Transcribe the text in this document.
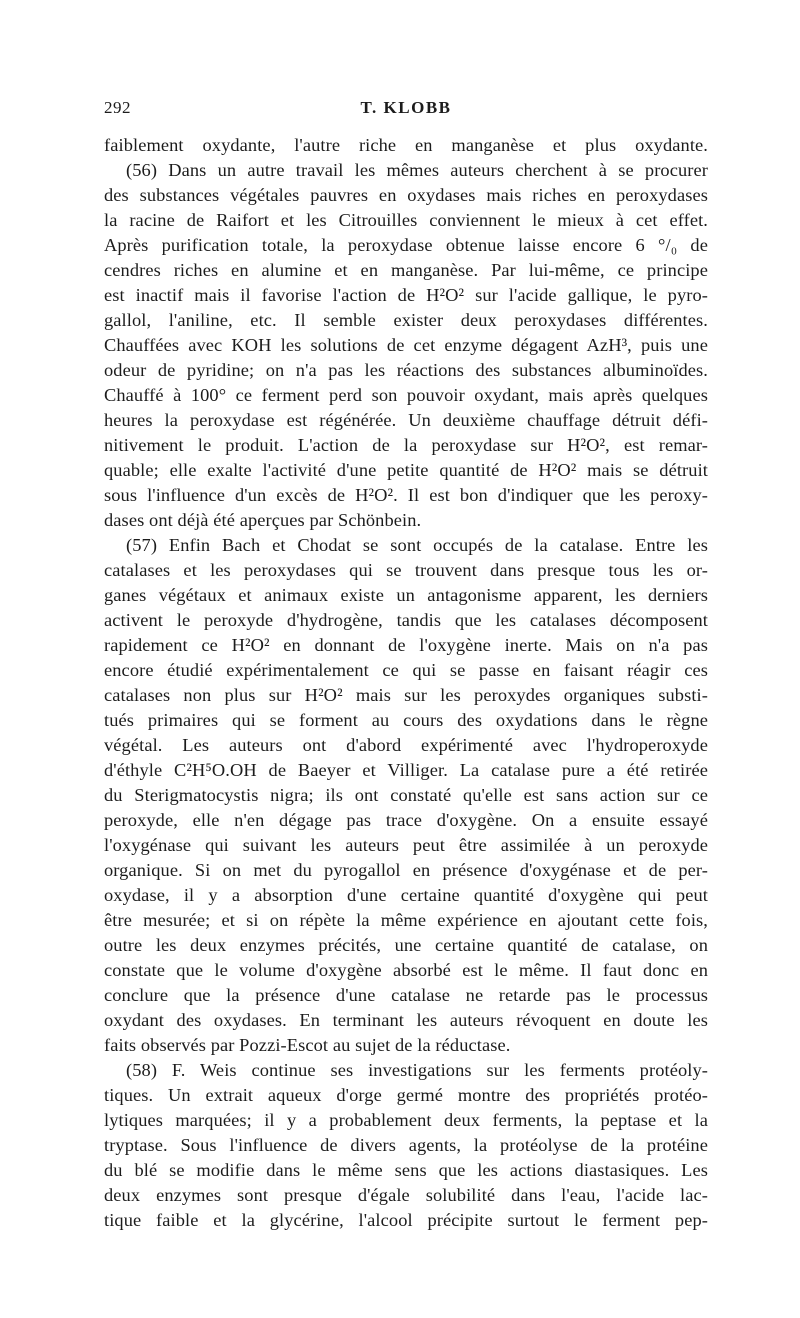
292	T. KLOBB
faiblement oxydante, l'autre riche en manganèse et plus oxydante.
(56) Dans un autre travail les mêmes auteurs cherchent à se procurer
des substances végétales pauvres en oxydases mais riches en peroxydases
la racine de Raifort et les Citrouilles conviennent le mieux à cet effet.
Après purification totale, la peroxydase obtenue laisse encore 6 °/₀ de
cendres riches en alumine et en manganèse. Par lui-même, ce principe
est inactif mais il favorise l'action de H²O² sur l'acide gallique, le pyro-
gallol, l'aniline, etc. Il semble exister deux peroxydases différentes.
Chauffées avec KOH les solutions de cet enzyme dégagent AzH³, puis une
odeur de pyridine; on n'a pas les réactions des substances albuminoïdes.
Chauffé à 100° ce ferment perd son pouvoir oxydant, mais après quelques
heures la peroxydase est régénérée. Un deuxième chauffage détruit défi-
nitivement le produit. L'action de la peroxydase sur H²O², est remar-
quable; elle exalte l'activité d'une petite quantité de H²O² mais se détruit
sous l'influence d'un excès de H²O². Il est bon d'indiquer que les peroxy-
dases ont déjà été aperçues par Schönbein.
(57) Enfin Bach et Chodat se sont occupés de la catalase. Entre les
catalases et les peroxydases qui se trouvent dans presque tous les or-
ganes végétaux et animaux existe un antagonisme apparent, les derniers
activent le peroxyde d'hydrogène, tandis que les catalases décomposent
rapidement ce H²O² en donnant de l'oxygène inerte. Mais on n'a pas
encore étudié expérimentalement ce qui se passe en faisant réagir ces
catalases non plus sur H²O² mais sur les peroxydes organiques substi-
tués primaires qui se forment au cours des oxydations dans le règne
végétal. Les auteurs ont d'abord expérimenté avec l'hydroperoxyde
d'éthyle C²H⁵O.OH de Baeyer et Villiger. La catalase pure a été retirée
du Sterigmatocystis nigra; ils ont constaté qu'elle est sans action sur ce
peroxyde, elle n'en dégage pas trace d'oxygène. On a ensuite essayé
l'oxygénase qui suivant les auteurs peut être assimilée à un peroxyde
organique. Si on met du pyrogallol en présence d'oxygénase et de per-
oxydase, il y a absorption d'une certaine quantité d'oxygène qui peut
être mesurée; et si on répète la même expérience en ajoutant cette fois,
outre les deux enzymes précités, une certaine quantité de catalase, on
constate que le volume d'oxygène absorbé est le même. Il faut donc en
conclure que la présence d'une catalase ne retarde pas le processus
oxydant des oxydases. En terminant les auteurs révoquent en doute les
faits observés par Pozzi-Escot au sujet de la réductase.
(58) F. Weis continue ses investigations sur les ferments protéoly-
tiques. Un extrait aqueux d'orge germé montre des propriétés protéo-
lytiques marquées; il y a probablement deux ferments, la peptase et la
tryptase. Sous l'influence de divers agents, la protéolyse de la protéine
du blé se modifie dans le même sens que les actions diastasiques. Les
deux enzymes sont presque d'égale solubilité dans l'eau, l'acide lac-
tique faible et la glycérine, l'alcool précipite surtout le ferment pep-
